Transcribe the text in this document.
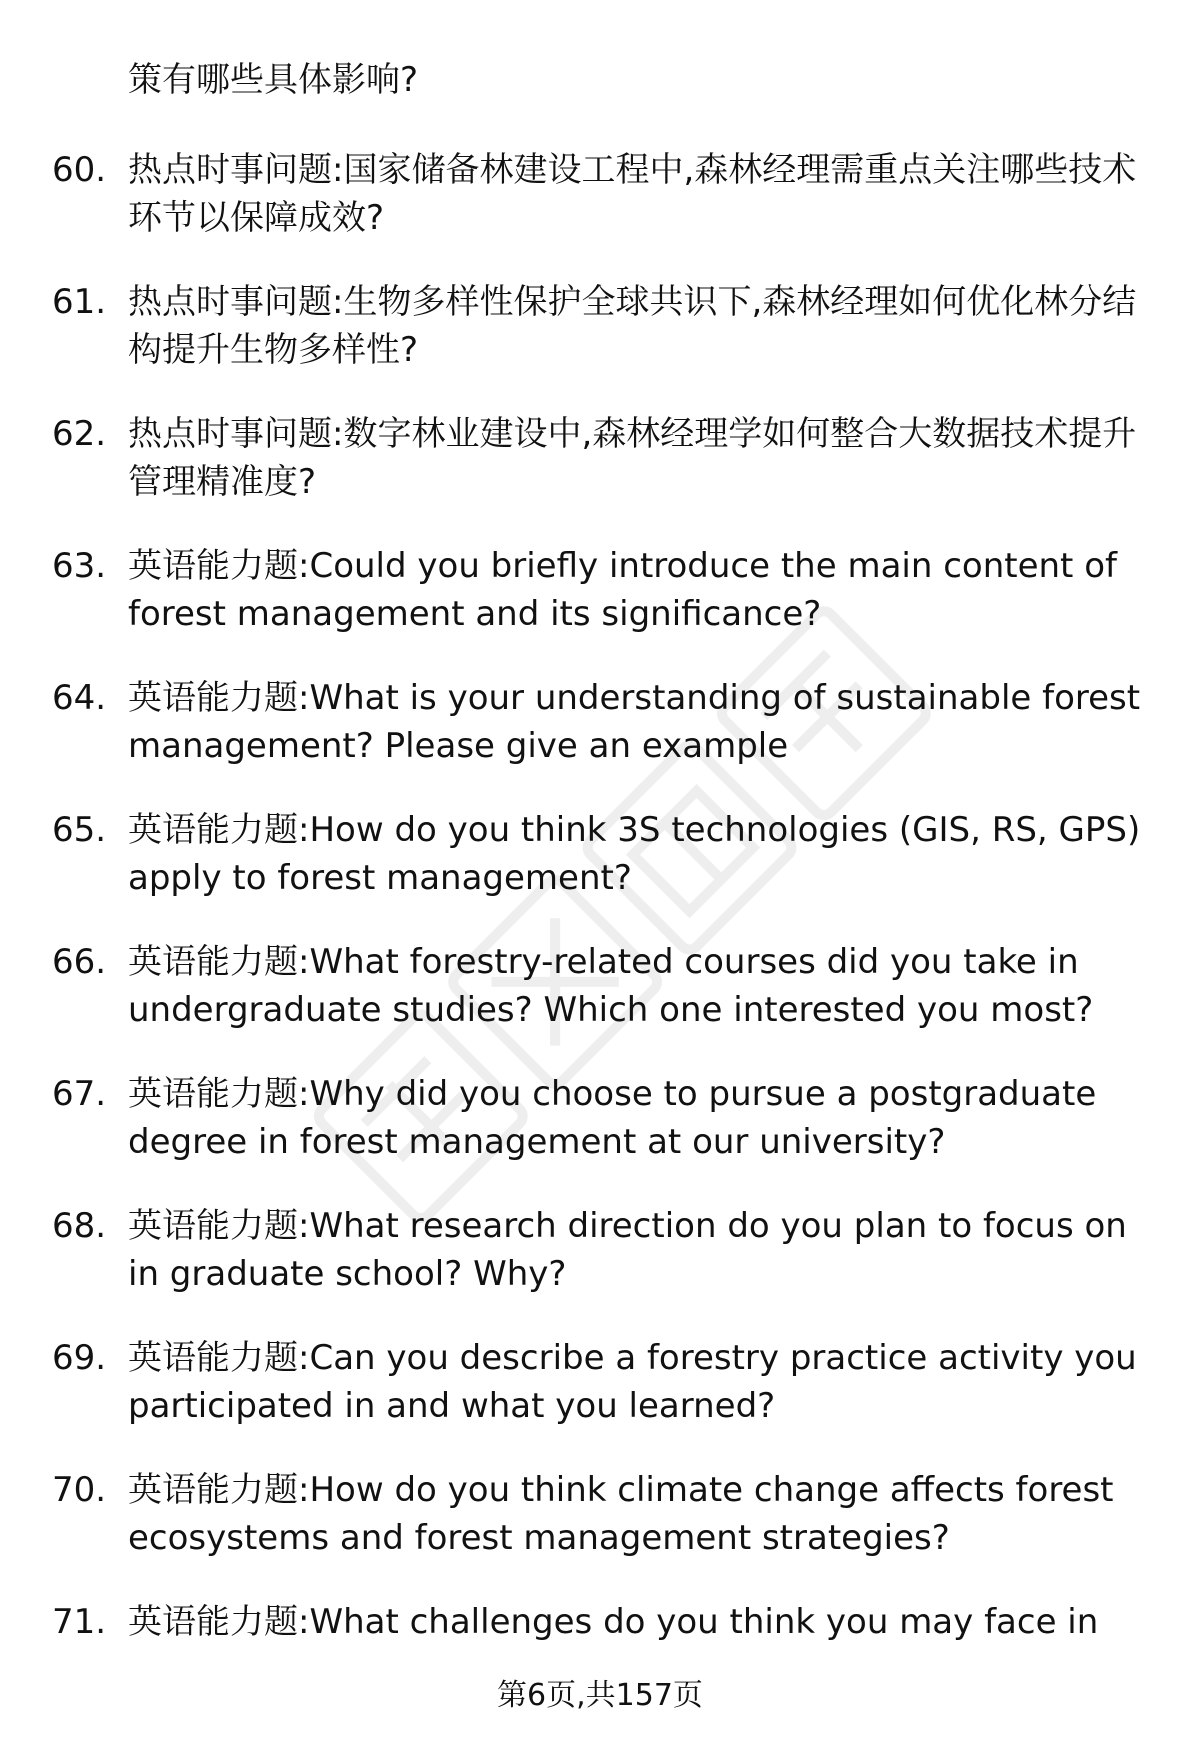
策有哪些具体影响?
60. 热点时事问题:国家储备林建设工程中,森林经理需重点关注哪些技术环节以保障成效?
61. 热点时事问题:生物多样性保护全球共识下,森林经理如何优化林分结构提升生物多样性?
62. 热点时事问题:数字林业建设中,森林经理学如何整合大数据技术提升管理精准度?
63. 英语能力题:Could you briefly introduce the main content of forest management and its significance?
64. 英语能力题:What is your understanding of sustainable forest management? Please give an example
65. 英语能力题:How do you think 3S technologies (GIS, RS, GPS) apply to forest management?
66. 英语能力题:What forestry-related courses did you take in undergraduate studies? Which one interested you most?
67. 英语能力题:Why did you choose to pursue a postgraduate degree in forest management at our university?
68. 英语能力题:What research direction do you plan to focus on in graduate school? Why?
69. 英语能力题:Can you describe a forestry practice activity you participated in and what you learned?
70. 英语能力题:How do you think climate change affects forest ecosystems and forest management strategies?
71. 英语能力题:What challenges do you think you may face in
第6页,共157页
